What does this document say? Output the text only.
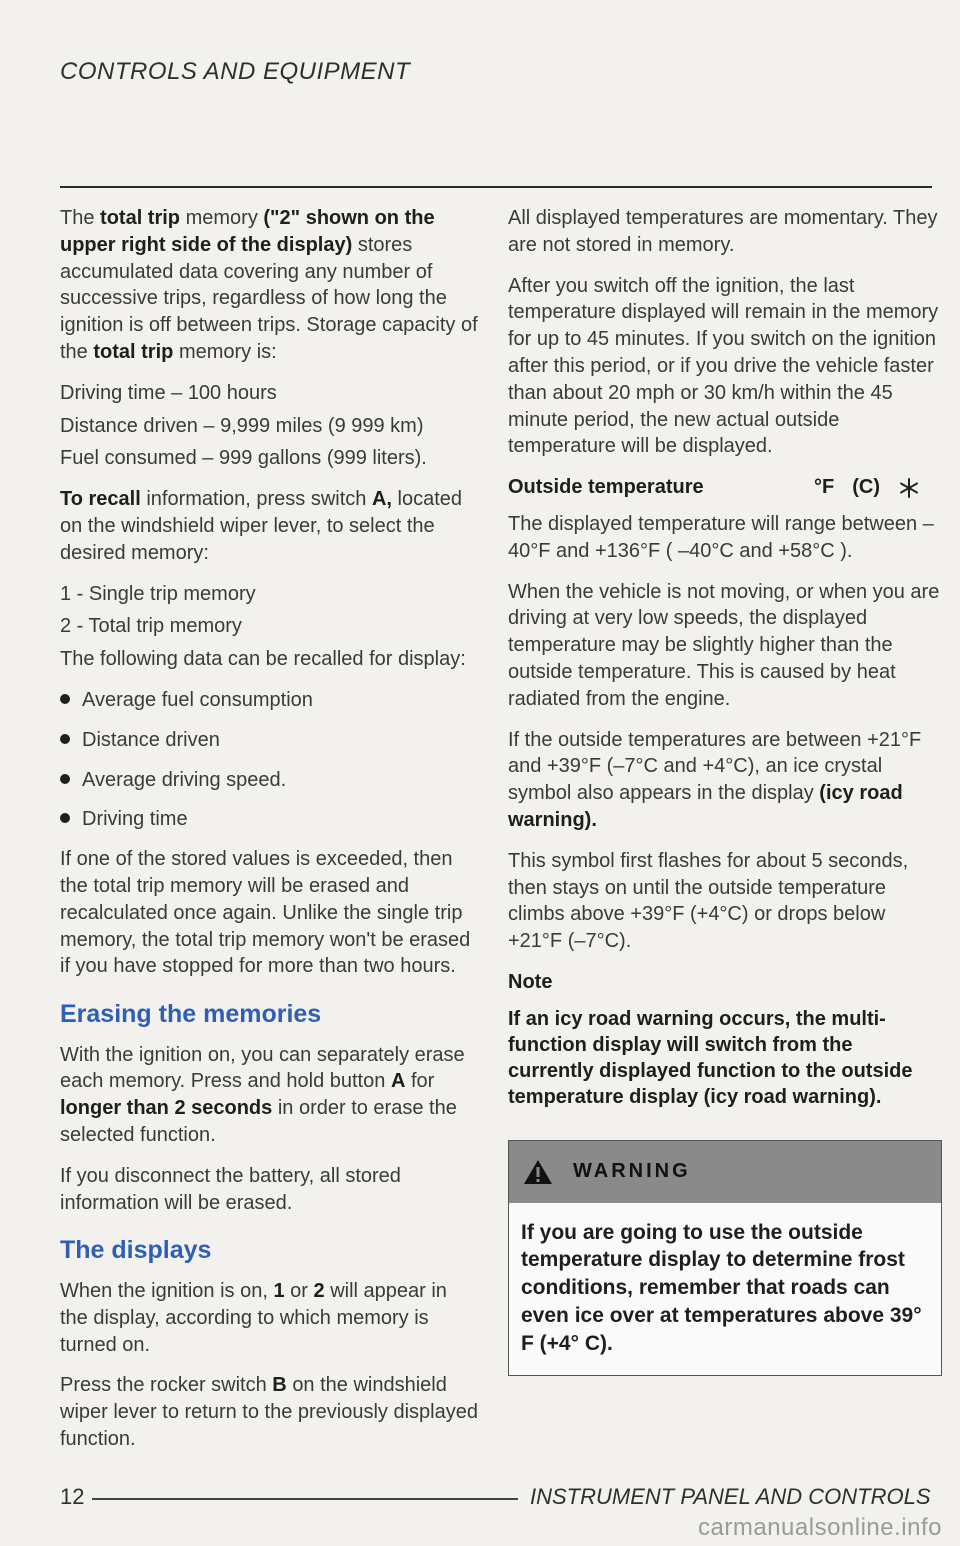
CONTROLS AND EQUIPMENT

The total trip memory ("2" shown on the upper right side of the display) stores accumulated data covering any number of successive trips, regardless of how long the ignition is off between trips. Storage capacity of the total trip memory is:

Driving time – 100 hours

Distance driven – 9,999 miles (9 999 km)

Fuel consumed – 999 gallons (999 liters).

To recall information, press switch A, located on the windshield wiper lever, to select the desired memory:

1 - Single trip memory

2 - Total trip memory

The following data can be recalled for display:

Average fuel consumption
Distance driven
Average driving speed.
Driving time

If one of the stored values is exceeded, then the total trip memory will be erased and recalculated once again. Unlike the single trip memory, the total trip memory won't be erased if you have stopped for more than two hours.

Erasing the memories

With the ignition on, you can separately erase each memory. Press and hold button A for longer than 2 seconds in order to erase the selected function.

If you disconnect the battery, all stored information will be erased.

The displays

When the ignition is on, 1 or 2 will appear in the display, according to which memory is turned on.

Press the rocker switch B on the windshield wiper lever to return to the previously displayed function.

All displayed temperatures are momentary. They are not stored in memory.

After you switch off the ignition, the last temperature displayed will remain in the memory for up to 45 minutes. If you switch on the ignition after this period, or if you drive the vehicle faster than about 20 mph or 30 km/h within the 45 minute period, the new actual outside temperature will be displayed.

Outside temperature	°F (C)

The displayed temperature will range between –40°F and +136°F ( –40°C and +58°C ).

When the vehicle is not moving, or when you are driving at very low speeds, the displayed temperature may be slightly higher than the outside temperature. This is caused by heat radiated from the engine.

If the outside temperatures are between +21°F and +39°F (–7°C and +4°C), an ice crystal symbol also appears in the display (icy road warning).

This symbol first flashes for about 5 seconds, then stays on until the outside temperature climbs above +39°F (+4°C) or drops below +21°F (–7°C).

Note

If an icy road warning occurs, the multi-function display will switch from the currently displayed function to the outside temperature display (icy road warning).

WARNING
If you are going to use the outside temperature display to determine frost conditions, remember that roads can even ice over at temperatures above 39° F (+4° C).
12	INSTRUMENT PANEL AND CONTROLS
carmanualsonline.info
